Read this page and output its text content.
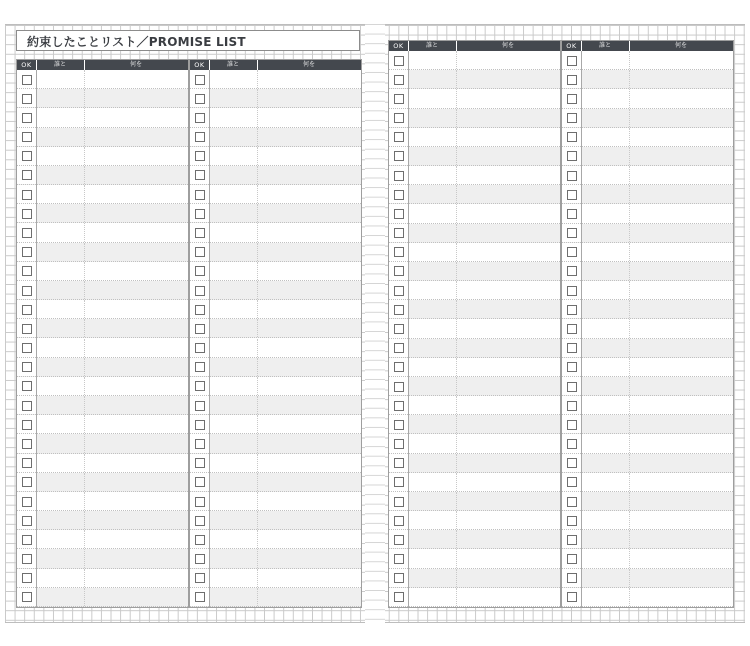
約束したことリスト／PROMISE LIST
OK	誰と	何を	OK	誰と	何を
OK	誰と	何を	OK	誰と	何を
